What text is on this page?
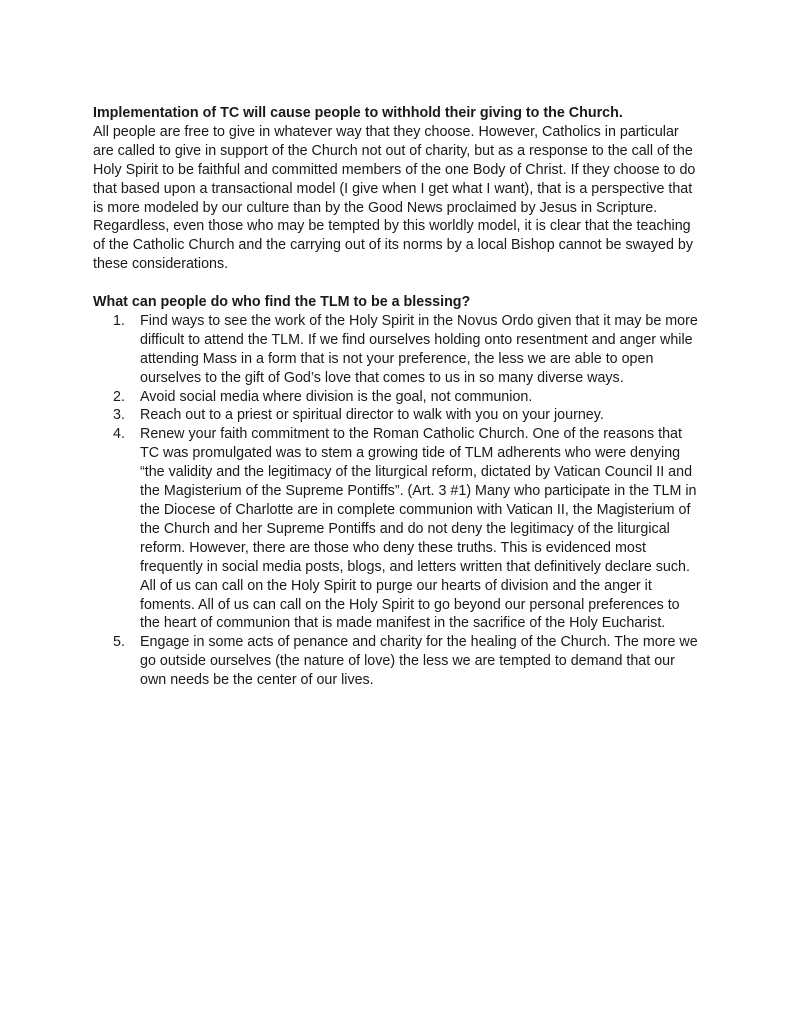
Implementation of TC will cause people to withhold their giving to the Church.

All people are free to give in whatever way that they choose. However, Catholics in particular are called to give in support of the Church not out of charity, but as a response to the call of the Holy Spirit to be faithful and committed members of the one Body of Christ. If they choose to do that based upon a transactional model (I give when I get what I want), that is a perspective that is more modeled by our culture than by the Good News proclaimed by Jesus in Scripture. Regardless, even those who may be tempted by this worldly model, it is clear that the teaching of the Catholic Church and the carrying out of its norms by a local Bishop cannot be swayed by these considerations.

What can people do who find the TLM to be a blessing?

1. Find ways to see the work of the Holy Spirit in the Novus Ordo given that it may be more difficult to attend the TLM. If we find ourselves holding onto resentment and anger while attending Mass in a form that is not your preference, the less we are able to open ourselves to the gift of God’s love that comes to us in so many diverse ways.
2. Avoid social media where division is the goal, not communion.
3. Reach out to a priest or spiritual director to walk with you on your journey.
4. Renew your faith commitment to the Roman Catholic Church. One of the reasons that TC was promulgated was to stem a growing tide of TLM adherents who were denying “the validity and the legitimacy of the liturgical reform, dictated by Vatican Council II and the Magisterium of the Supreme Pontiffs”. (Art. 3 #1) Many who participate in the TLM in the Diocese of Charlotte are in complete communion with Vatican II, the Magisterium of the Church and her Supreme Pontiffs and do not deny the legitimacy of the liturgical reform. However, there are those who deny these truths. This is evidenced most frequently in social media posts, blogs, and letters written that definitively declare such. All of us can call on the Holy Spirit to purge our hearts of division and the anger it foments. All of us can call on the Holy Spirit to go beyond our personal preferences to the heart of communion that is made manifest in the sacrifice of the Holy Eucharist.
5. Engage in some acts of penance and charity for the healing of the Church. The more we go outside ourselves (the nature of love) the less we are tempted to demand that our own needs be the center of our lives.
